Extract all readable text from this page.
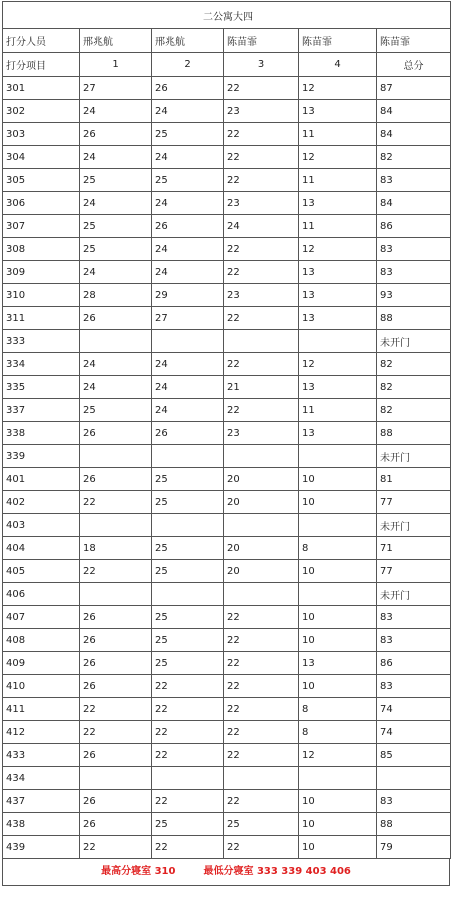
二公寓大四					
打分人员	邢兆航	邢兆航	陈苗霏	陈苗霏	陈苗霏
打分项目	1	2	3	4	总分
301	27	26	22	12	87
302	24	24	23	13	84
303	26	25	22	11	84
304	24	24	22	12	82
305	25	25	22	11	83
306	24	24	23	13	84
307	25	26	24	11	86
308	25	24	22	12	83
309	24	24	22	13	83
310	28	29	23	13	93
311	26	27	22	13	88
333					未开门
334	24	24	22	12	82
335	24	24	21	13	82
337	25	24	22	11	82
338	26	26	23	13	88
339					未开门
401	26	25	20	10	81
402	22	25	20	10	77
403					未开门
404	18	25	20	8	71
405	22	25	20	10	77
406					未开门
407	26	25	22	10	83
408	26	25	22	10	83
409	26	25	22	13	86
410	26	22	22	10	83
411	22	22	22	8	74
412	22	22	22	8	74
433	26	22	22	12	85
434					
437	26	22	22	10	83
438	26	25	25	10	88
439	22	22	22	10	79
最高分寝室 310	最低分寝室 333 339 403 406
